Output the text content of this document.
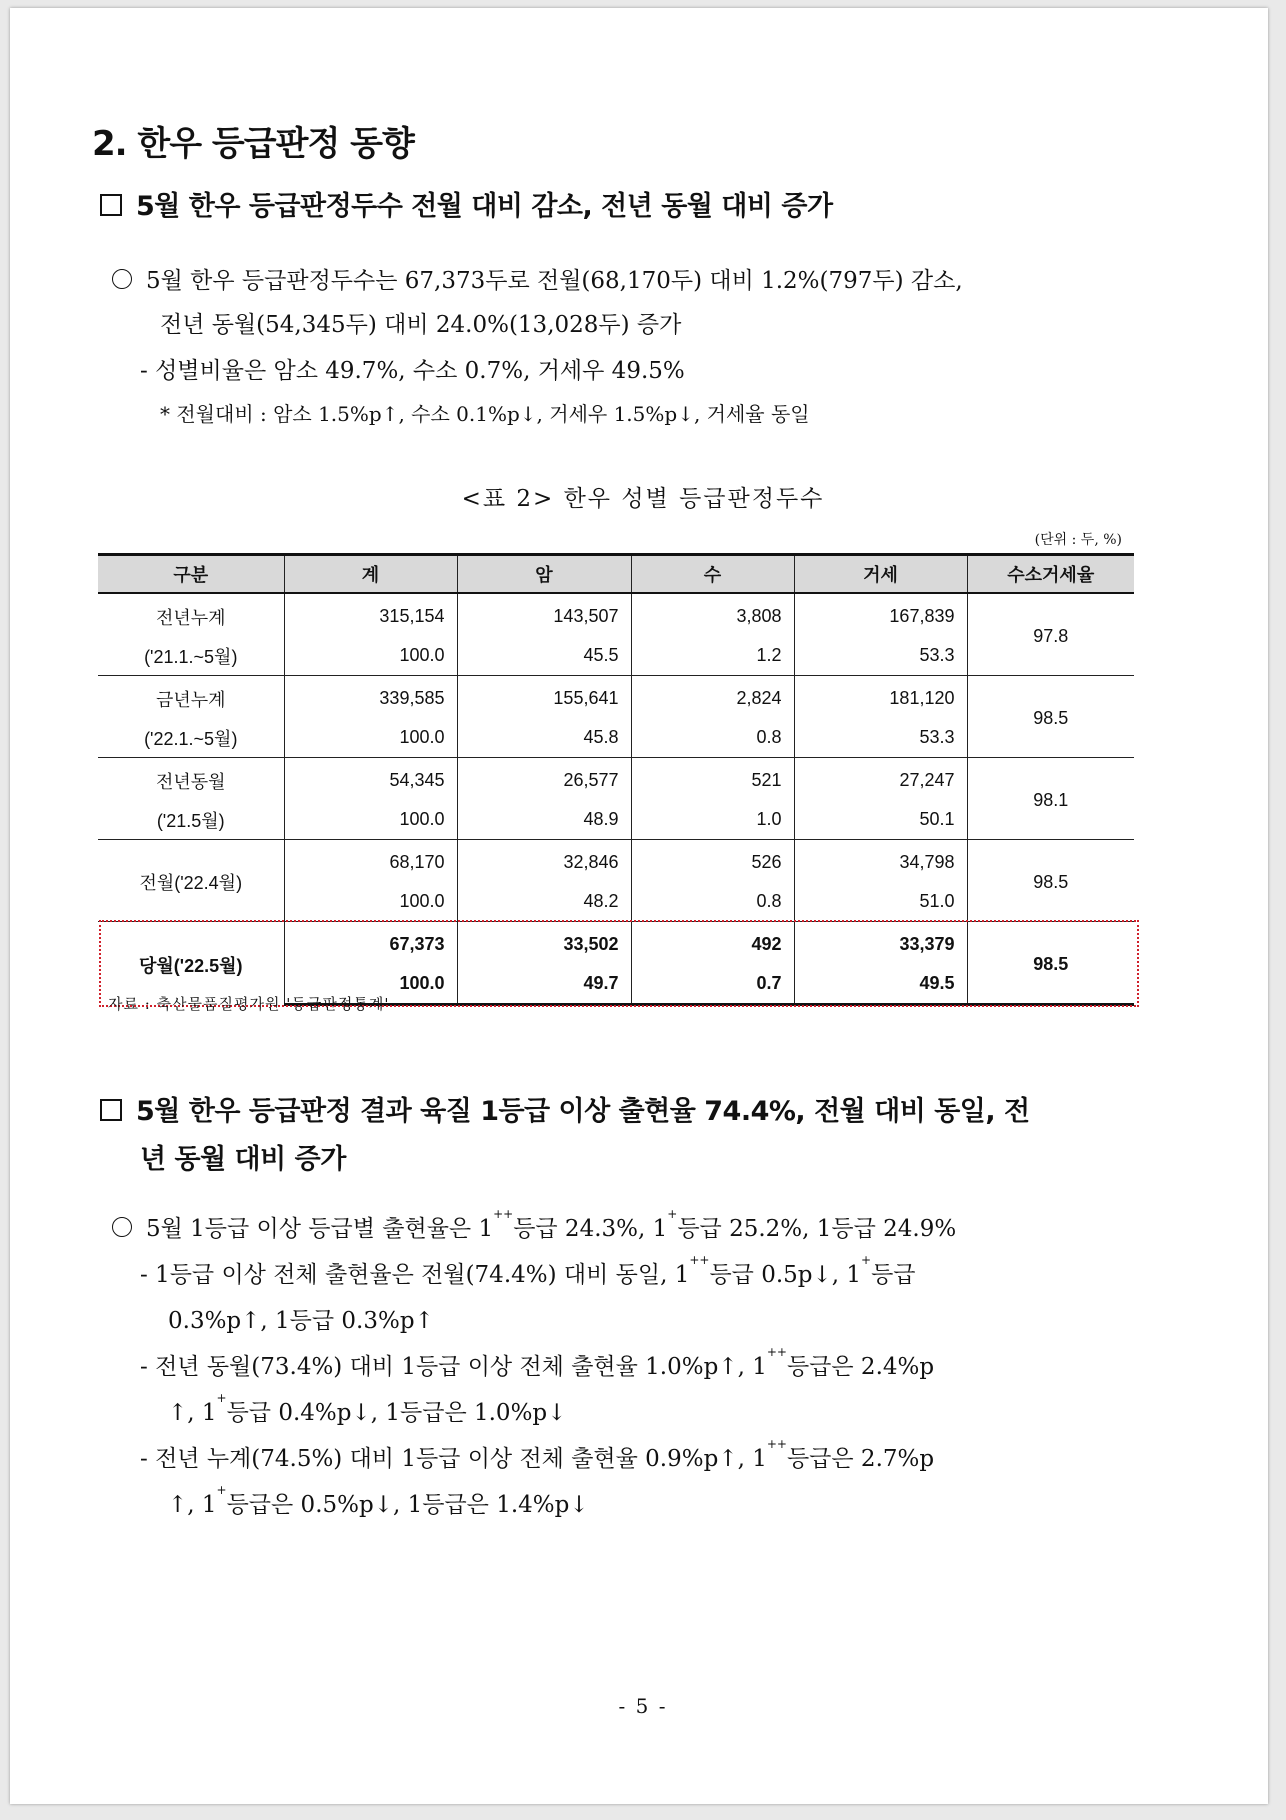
2. 한우 등급판정 동향
5월 한우 등급판정두수 전월 대비 감소, 전년 동월 대비 증가
5월 한우 등급판정두수는 67,373두로 전월(68,170두) 대비 1.2%(797두) 감소,
전년 동월(54,345두) 대비 24.0%(13,028두) 증가
- 성별비율은 암소 49.7%, 수소 0.7%, 거세우 49.5%
* 전월대비 : 암소 1.5%p↑, 수소 0.1%p↓, 거세우 1.5%p↓, 거세율 동일
<표 2> 한우 성별 등급판정두수
(단위 : 두, %)
구분	계	암	수	거세	수소거세율
전년누계	315,154	143,507	3,808	167,839	97.8
('21.1.~5월)	100.0	45.5	1.2	53.3	
금년누계	339,585	155,641	2,824	181,120	98.5
('22.1.~5월)	100.0	45.8	0.8	53.3	
전년동월	54,345	26,577	521	27,247	98.1
('21.5월)	100.0	48.9	1.0	50.1	
전월('22.4월)	68,170	32,846	526	34,798	98.5
	100.0	48.2	0.8	51.0	
당월('22.5월)	67,373	33,502	492	33,379	98.5
	100.0	49.7	0.7	49.5	
자료 : 축산물품질평가원 '등급판정통계'
5월 한우 등급판정 결과 육질 1등급 이상 출현율 74.4%, 전월 대비 동일, 전
년 동월 대비 증가
5월 1등급 이상 등급별 출현율은 1++등급 24.3%, 1+등급 25.2%, 1등급 24.9%
- 1등급 이상 전체 출현율은 전월(74.4%) 대비 동일, 1++등급 0.5p↓, 1+등급
0.3%p↑, 1등급 0.3%p↑
- 전년 동월(73.4%) 대비 1등급 이상 전체 출현율 1.0%p↑, 1++등급은 2.4%p
↑, 1+등급 0.4%p↓, 1등급은 1.0%p↓
- 전년 누계(74.5%) 대비 1등급 이상 전체 출현율 0.9%p↑, 1++등급은 2.7%p
↑, 1+등급은 0.5%p↓, 1등급은 1.4%p↓
- 5 -
